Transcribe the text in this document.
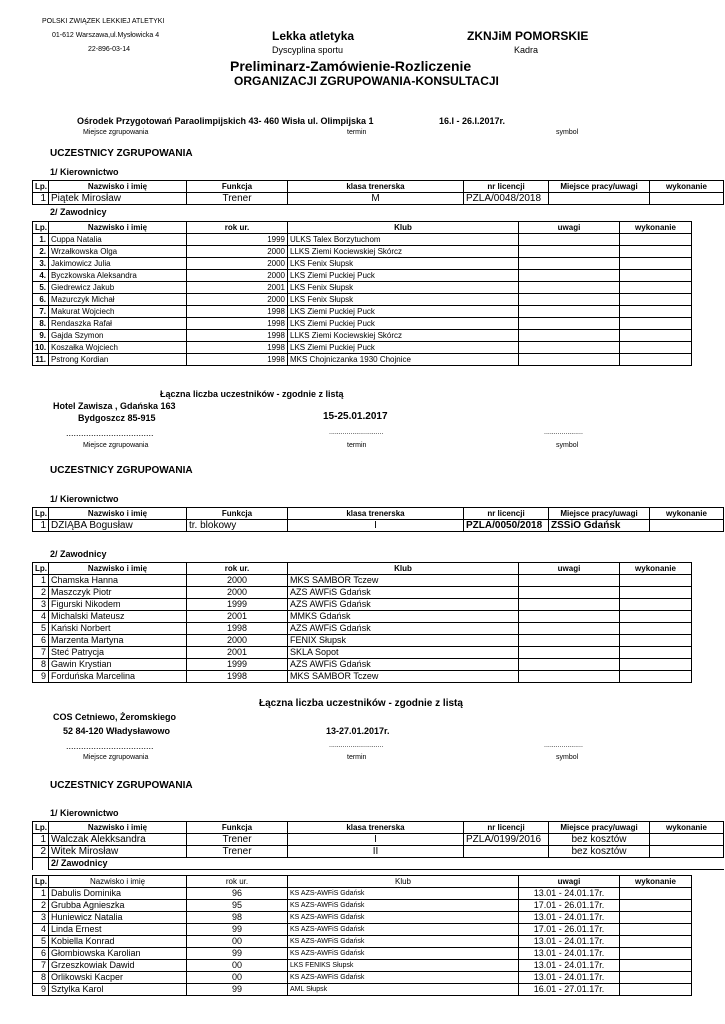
POLSKI ZWIĄZEK LEKKIEJ ATLETYKI
01-612 Warszawa,ul.Mysłowicka 4
22-896-03-14
Lekka atletyka
Dyscyplina sportu
ZKNJiM POMORSKIE
Kadra
Preliminarz-Zamówienie-Rozliczenie
ORGANIZACJI ZGRUPOWANIA-KONSULTACJI
Ośrodek Przygotowań Paraolimpijskich 43- 460 Wisła ul. Olimpijska 1	16.I - 26.I.2017r.
Miejsce zgrupowania	termin	symbol
UCZESTNICY ZGRUPOWANIA
1/ Kierownictwo
Lp.	Nazwisko i imię	Funkcja	klasa trenerska	nr licencji	Miejsce pracy/uwagi	wykonanie
1	Piątek Mirosław	Trener	M	PZLA/0048/2018		
2/ Zawodnicy
Lp.	Nazwisko i imię	rok ur.	Klub	uwagi	wykonanie
1.	Cuppa Natalia	1999	ULKS Talex Borzytuchom		
2.	Wrzałkowska Olga	2000	LLKS Ziemi Kociewskiej Skórcz		
3.	Jakimowicz Julia	2000	LKS Fenix Słupsk		
4.	Byczkowska Aleksandra	2000	LKS Ziemi Puckiej Puck		
5.	Giedrewicz Jakub	2001	LKS Fenix Słupsk		
6.	Mazurczyk Michał	2000	LKS Fenix Słupsk		
7.	Makurat Wojciech	1998	LKS Ziemi Puckiej Puck		
8.	Rendaszka Rafał	1998	LKS Ziemi Puckiej Puck		
9.	Gajda Szymon	1998	LLKS Ziemi Kociewskiej Skórcz		
10.	Koszałka Wojciech	1998	LKS Ziemi Puckiej Puck		
11.	Pstrong Kordian	1998	MKS Chojniczanka 1930 Chojnice		
Łączna liczba uczestników - zgodnie z listą
Hotel Zawisza , Gdańska 163
Bydgoszcz 85-915	15-25.01.2017
...................................	............................	....................
Miejsce zgrupowania	termin	symbol
UCZESTNICY ZGRUPOWANIA
1/ Kierownictwo
Lp.	Nazwisko i imię	Funkcja	klasa trenerska	nr licencji	Miejsce pracy/uwagi	wykonanie
1	DZIĄBA Bogusław	tr. blokowy	I	PZLA/0050/2018	ZSSiO Gdańsk	
2/ Zawodnicy
Lp.	Nazwisko i imię	rok ur.	Klub	uwagi	wykonanie
1	Chamska Hanna	2000	MKS SAMBOR Tczew		
2	Maszczyk Piotr	2000	AZS AWFiS Gdańsk		
3	Figurski Nikodem	1999	AZS AWFiS Gdańsk		
4	Michalski Mateusz	2001	MMKS Gdańsk		
5	Kański Norbert	1998	AZS AWFiS Gdańsk		
6	Marzenta Martyna	2000	FENIX Słupsk		
7	Steć Patrycja	2001	SKLA Sopot		
8	Gawin Krystian	1999	AZS AWFiS Gdańsk		
9	Forduńska Marcelina	1998	MKS SAMBOR Tczew		
Łączna liczba uczestników - zgodnie z listą
COS Cetniewo, Żeromskiego
52 84-120 Władysławowo	13-27.01.2017r.
...................................	............................	....................
Miejsce zgrupowania	termin	symbol
UCZESTNICY ZGRUPOWANIA
1/ Kierownictwo
Lp.	Nazwisko i imię	Funkcja	klasa trenerska	nr licencji	Miejsce pracy/uwagi	wykonanie
1	Walczak Alekksandra	Trener	I	PZLA/0199/2016	bez kosztów	
2	Witek Mirosław	Trener	II		bez kosztów	
	2/ Zawodnicy					
Lp.	Nazwisko i imię	rok ur.	Klub	uwagi	wykonanie
1	Dabulis Dominika	96	KS AZS-AWFiS Gdańsk	13.01 - 24.01.17r.	
2	Grubba Agnieszka	95	KS AZS-AWFiS Gdańsk	17.01 - 26.01.17r.	
3	Huniewicz Natalia	98	KS AZS-AWFiS Gdańsk	13.01 - 24.01.17r.	
4	Linda Ernest	99	KS AZS-AWFiS Gdańsk	17.01 - 26.01.17r.	
5	Kobiella Konrad	00	KS AZS-AWFiS Gdańsk	13.01 - 24.01.17r.	
6	Głombiowska Karolian	99	KS AZS-AWFiS Gdańsk	13.01 - 24.01.17r.	
7	Grzeszkowiak Dawid	00	LKS FENIKS Słupsk	13.01 - 24.01.17r.	
8	Orlikowski Kacper	00	KS AZS-AWFiS Gdańsk	13.01 - 24.01.17r.	
9	Sztylka Karol	99	AML Słupsk	16.01 - 27.01.17r.	
